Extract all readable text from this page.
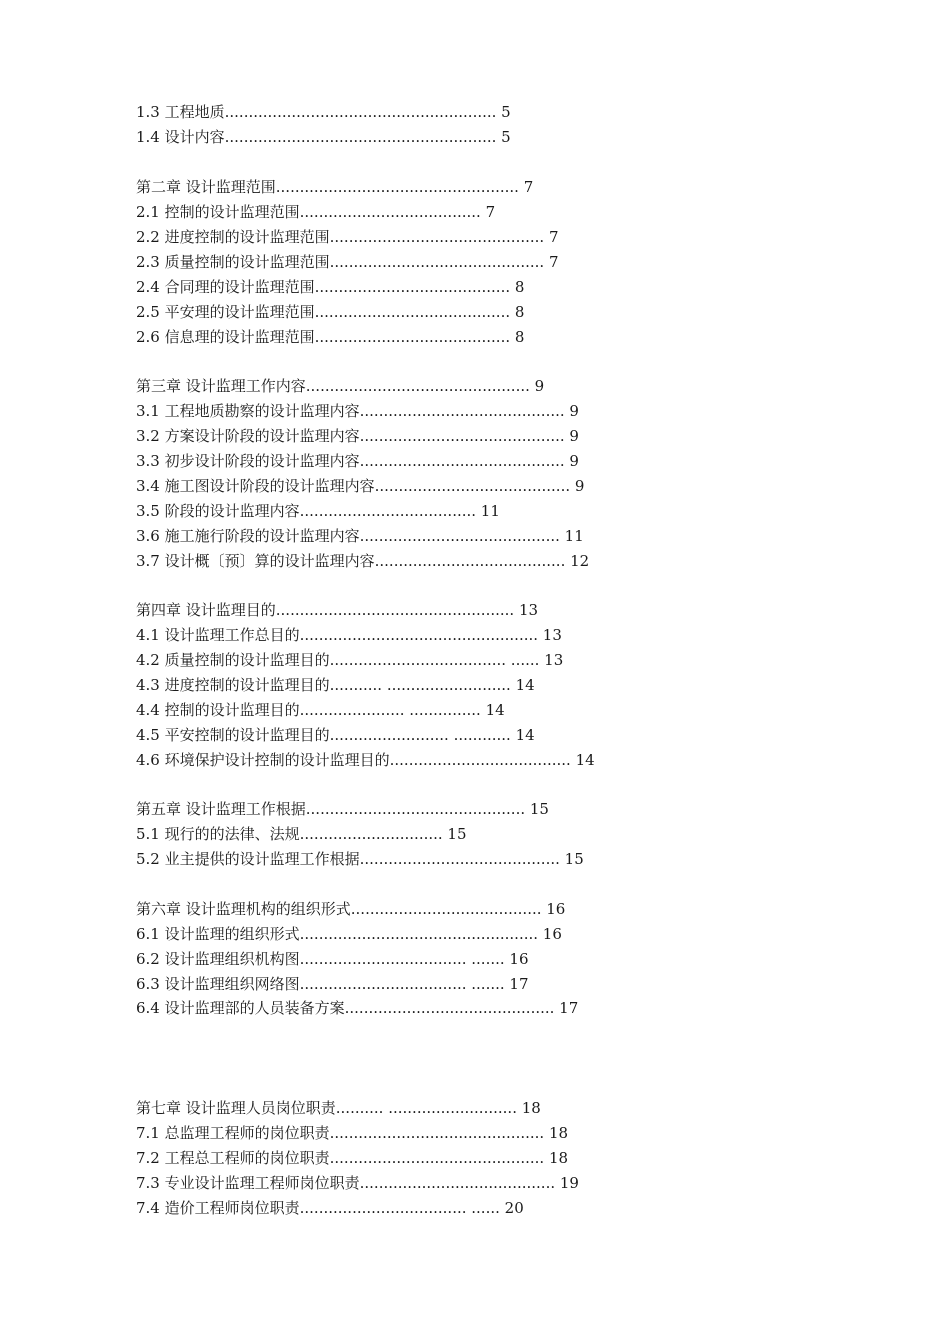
1.3 工程地质......................................................... 5
1.4 设计内容......................................................... 5
第二章 设计监理范围................................................... 7
2.1 控制的设计监理范围...................................... 7
2.2 进度控制的设计监理范围............................................. 7
2.3 质量控制的设计监理范围............................................. 7
2.4 合同理的设计监理范围......................................... 8
2.5 平安理的设计监理范围......................................... 8
2.6 信息理的设计监理范围......................................... 8
第三章 设计监理工作内容............................................... 9
3.1 工程地质勘察的设计监理内容........................................... 9
3.2 方案设计阶段的设计监理内容........................................... 9
3.3 初步设计阶段的设计监理内容........................................... 9
3.4 施工图设计阶段的设计监理内容......................................... 9
3.5 阶段的设计监理内容..................................... 11
3.6 施工施行阶段的设计监理内容.......................................... 11
3.7 设计概〔预〕算的设计监理内容........................................ 12
第四章 设计监理目的.................................................. 13
4.1 设计监理工作总目的.................................................. 13
4.2 质量控制的设计监理目的..................................... ...... 13
4.3 进度控制的设计监理目的........... .......................... 14
4.4 控制的设计监理目的...................... ............... 14
4.5 平安控制的设计监理目的......................... ............ 14
4.6 环境保护设计控制的设计监理目的...................................... 14
第五章 设计监理工作根据.............................................. 15
5.1 现行的的法律、法规.............................. 15
5.2 业主提供的设计监理工作根据.......................................... 15
第六章 设计监理机构的组织形式........................................ 16
6.1 设计监理的组织形式.................................................. 16
6.2 设计监理组织机构图................................... ....... 16
6.3 设计监理组织网络图................................... ....... 17
6.4 设计监理部的人员装备方案............................................ 17
第七章 设计监理人员岗位职责.......... ........................... 18
7.1 总监理工程师的岗位职责............................................. 18
7.2 工程总工程师的岗位职责............................................. 18
7.3 专业设计监理工程师岗位职责......................................... 19
7.4 造价工程师岗位职责................................... ...... 20
